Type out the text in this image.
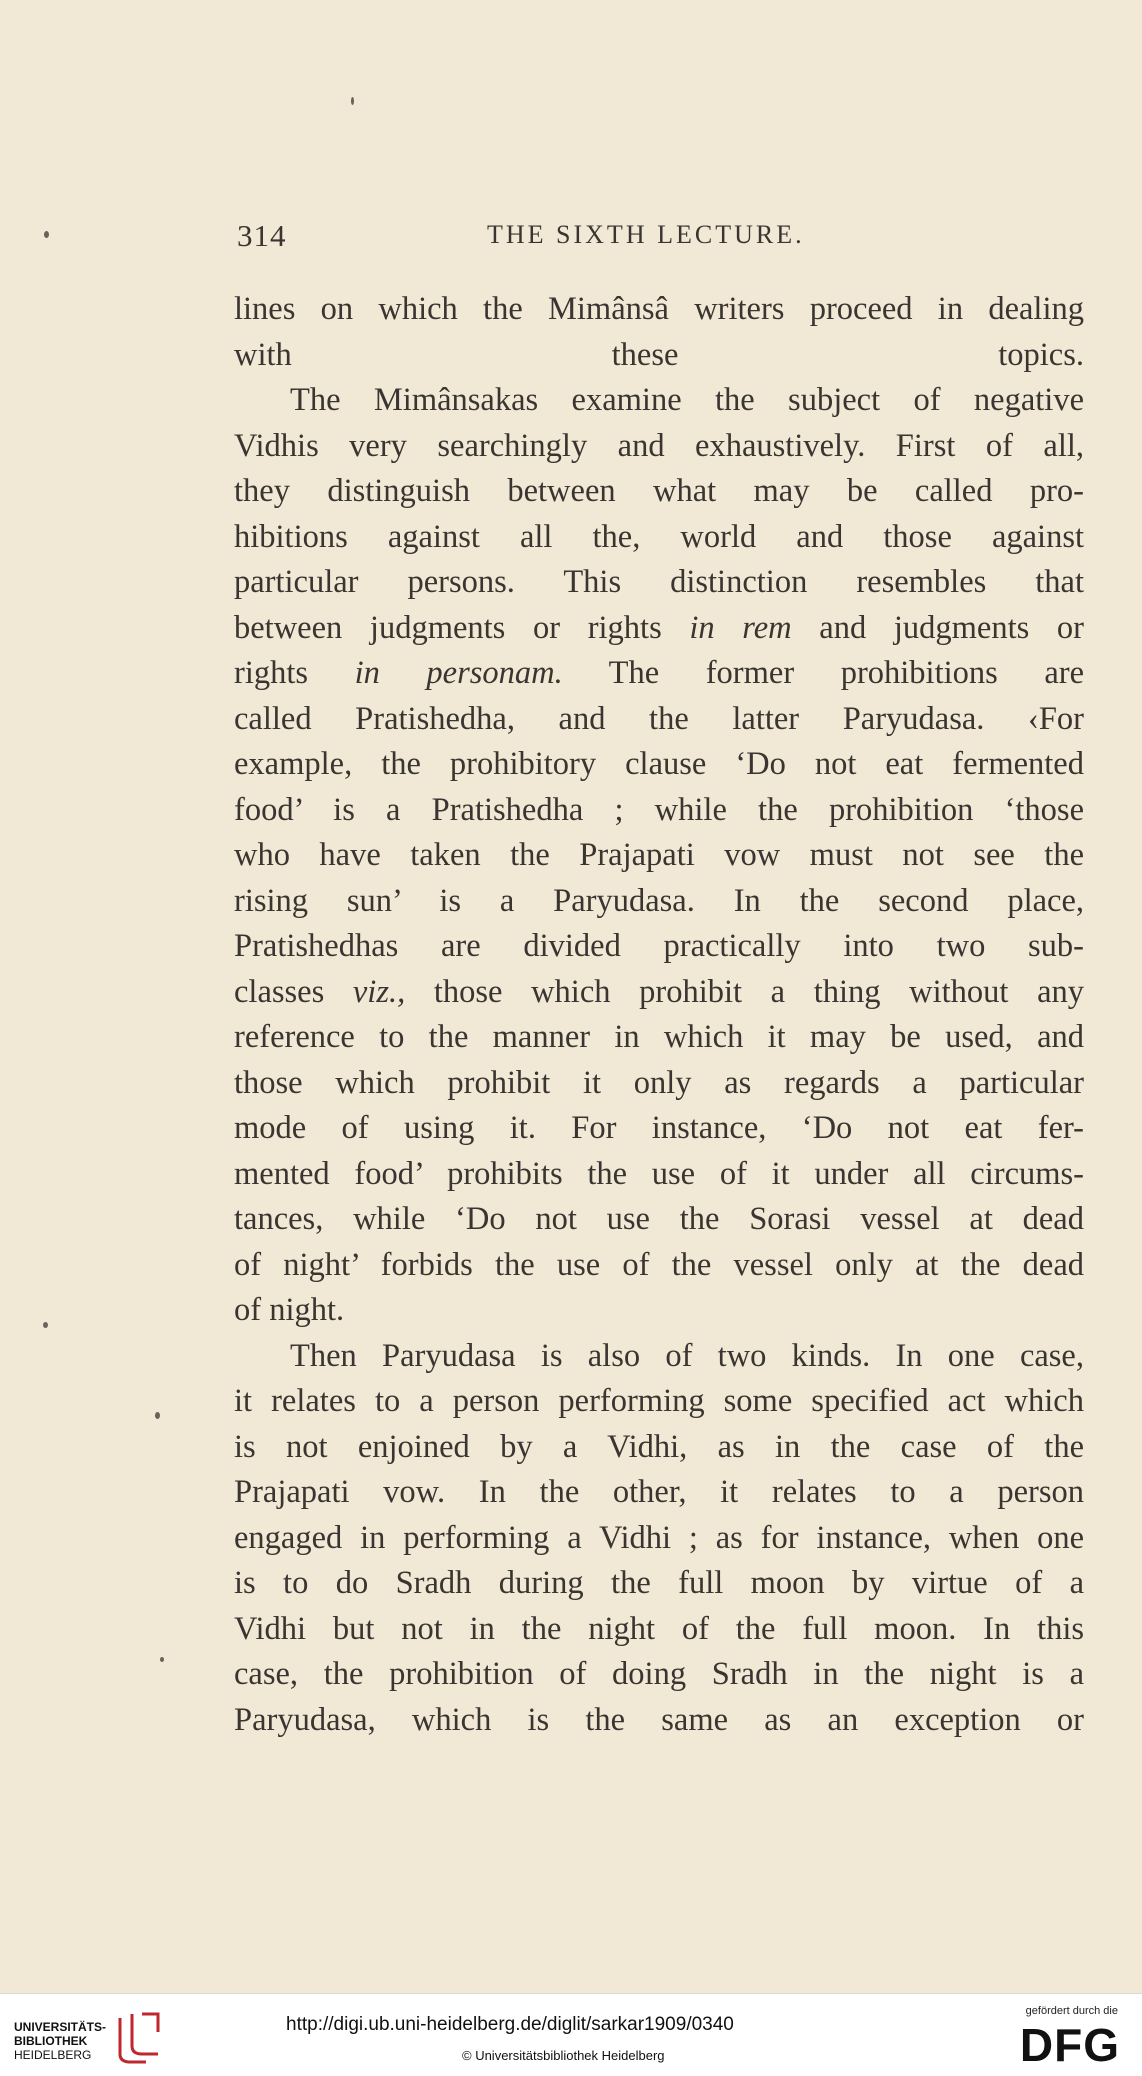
314	THE SIXTH LECTURE.
lines on which the Mimânsâ writers proceed in dealing
with these topics.
The Mimânsakas examine the subject of negative
Vidhis very searchingly and exhaustively. First of all,
they distinguish between what may be called pro-
hibitions against all the, world and those against
particular persons. This distinction resembles that
between judgments or rights in rem and judgments or
rights in personam. The former prohibitions are
called Pratishedha, and the latter Paryudasa. ‹For
example, the prohibitory clause ‘Do not eat fermented
food’ is a Pratishedha ; while the prohibition ‘those
who have taken the Prajapati vow must not see the
rising sun’ is a Paryudasa. In the second place,
Pratishedhas are divided practically into two sub-
classes viz., those which prohibit a thing without any
reference to the manner in which it may be used, and
those which prohibit it only as regards a particular
mode of using it. For instance, ‘Do not eat fer-
mented food’ prohibits the use of it under all circums-
tances, while ‘Do not use the Sorasi vessel at dead
of night’ forbids the use of the vessel only at the dead
of night.
Then Paryudasa is also of two kinds. In one case,
it relates to a person performing some specified act which
is not enjoined by a Vidhi, as in the case of the
Prajapati vow. In the other, it relates to a person
engaged in performing a Vidhi ; as for instance, when one
is to do Sradh during the full moon by virtue of a
Vidhi but not in the night of the full moon. In this
case, the prohibition of doing Sradh in the night is a
Paryudasa, which is the same as an exception or
UNIVERSITÄTS-
BIBLIOTHEK
HEIDELBERG
http://digi.ub.uni-heidelberg.de/diglit/sarkar1909/0340
© Universitätsbibliothek Heidelberg
gefördert durch die
DFG
